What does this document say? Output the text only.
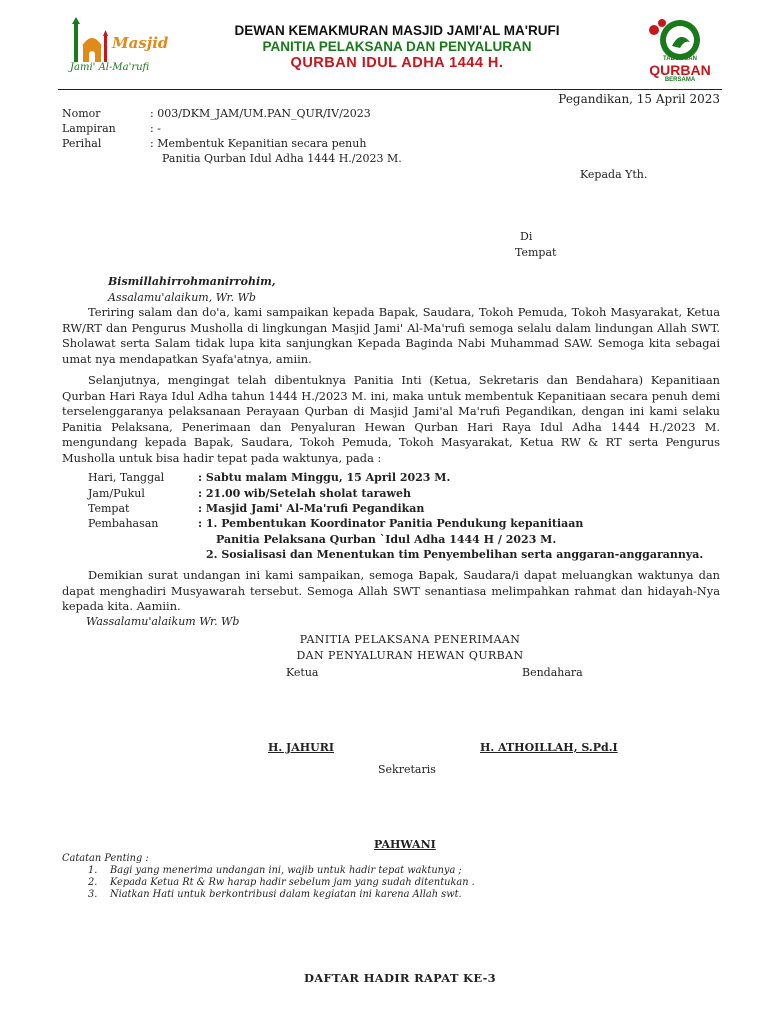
Masjid
Jami' Al-Ma'rufi
DEWAN KEMAKMURAN MASJID JAMI'AL MA'RUFI
PANITIA PELAKSANA DAN PENYALURAN
QURBAN IDUL ADHA 1444 H.	TABUNGAN
QURBAN
BERSAMA
Pegandikan, 15 April 2023
Nomor	: 003/DKM_JAM/UM.PAN_QUR/IV/2023
Lampiran	: -
Perihal	: Membentuk Kepanitian secara penuh
Panitia Qurban Idul Adha 1444 H./2023 M.
Kepada Yth.
Di
Tempat
Bismillahirrohmanirrohim,
Assalamu'alaikum, Wr. Wb

Teriring salam dan do'a, kami sampaikan kepada Bapak, Saudara, Tokoh Pemuda, Tokoh Masyarakat, Ketua RW/RT dan Pengurus Musholla di lingkungan Masjid Jami' Al-Ma'rufi semoga selalu dalam lindungan Allah SWT. Sholawat serta Salam tidak lupa kita sanjungkan Kepada Baginda Nabi Muhammad SAW. Semoga kita sebagai umat nya mendapatkan Syafa'atnya, amiin.

Selanjutnya, mengingat telah dibentuknya Panitia Inti (Ketua, Sekretaris dan Bendahara) Kepanitiaan Qurban Hari Raya Idul Adha tahun 1444 H./2023 M. ini, maka untuk membentuk Kepanitiaan secara penuh demi terselenggaranya pelaksanaan Perayaan Qurban di Masjid Jami'al Ma'rufi Pegandikan, dengan ini kami selaku Panitia Pelaksana, Penerimaan dan Penyaluran Hewan Qurban Hari Raya Idul Adha 1444 H./2023 M. mengundang kepada Bapak, Saudara, Tokoh Pemuda, Tokoh Masyarakat, Ketua RW & RT serta Pengurus Musholla untuk bisa hadir tepat pada waktunya, pada :

Hari, Tanggal	: Sabtu malam Minggu, 15 April 2023 M.
Jam/Pukul	: 21.00 wib/Setelah sholat taraweh
Tempat	: Masjid Jami' Al-Ma'rufi Pegandikan
Pembahasan	: 1. Pembentukan Koordinator Panitia Pendukung kepanitiaan
Panitia Pelaksana Qurban `Idul Adha 1444 H / 2023 M.
2. Sosialisasi dan Menentukan tim Penyembelihan serta anggaran-anggarannya.

Demikian surat undangan ini kami sampaikan, semoga Bapak, Saudara/i dapat meluangkan waktunya dan dapat menghadiri Musyawarah tersebut. Semoga Allah SWT senantiasa melimpahkan rahmat dan hidayah-Nya kepada kita. Aamiin.

Wassalamu'alaikum Wr. Wb
PANITIA PELAKSANA PENERIMAAN
DAN PENYALURAN HEWAN QURBAN
Ketua	Bendahara
H. JAHURI	H. ATHOILLAH, S.Pd.I
Sekretaris
PAHWANI
Catatan Penting :
1. Bagi yang menerima undangan ini, wajib untuk hadir tepat waktunya ;
2. Kepada Ketua Rt & Rw harap hadir sebelum jam yang sudah ditentukan .
3. Niatkan Hati untuk berkontribusi dalam kegiatan ini karena Allah swt.
DAFTAR HADIR RAPAT KE-3
